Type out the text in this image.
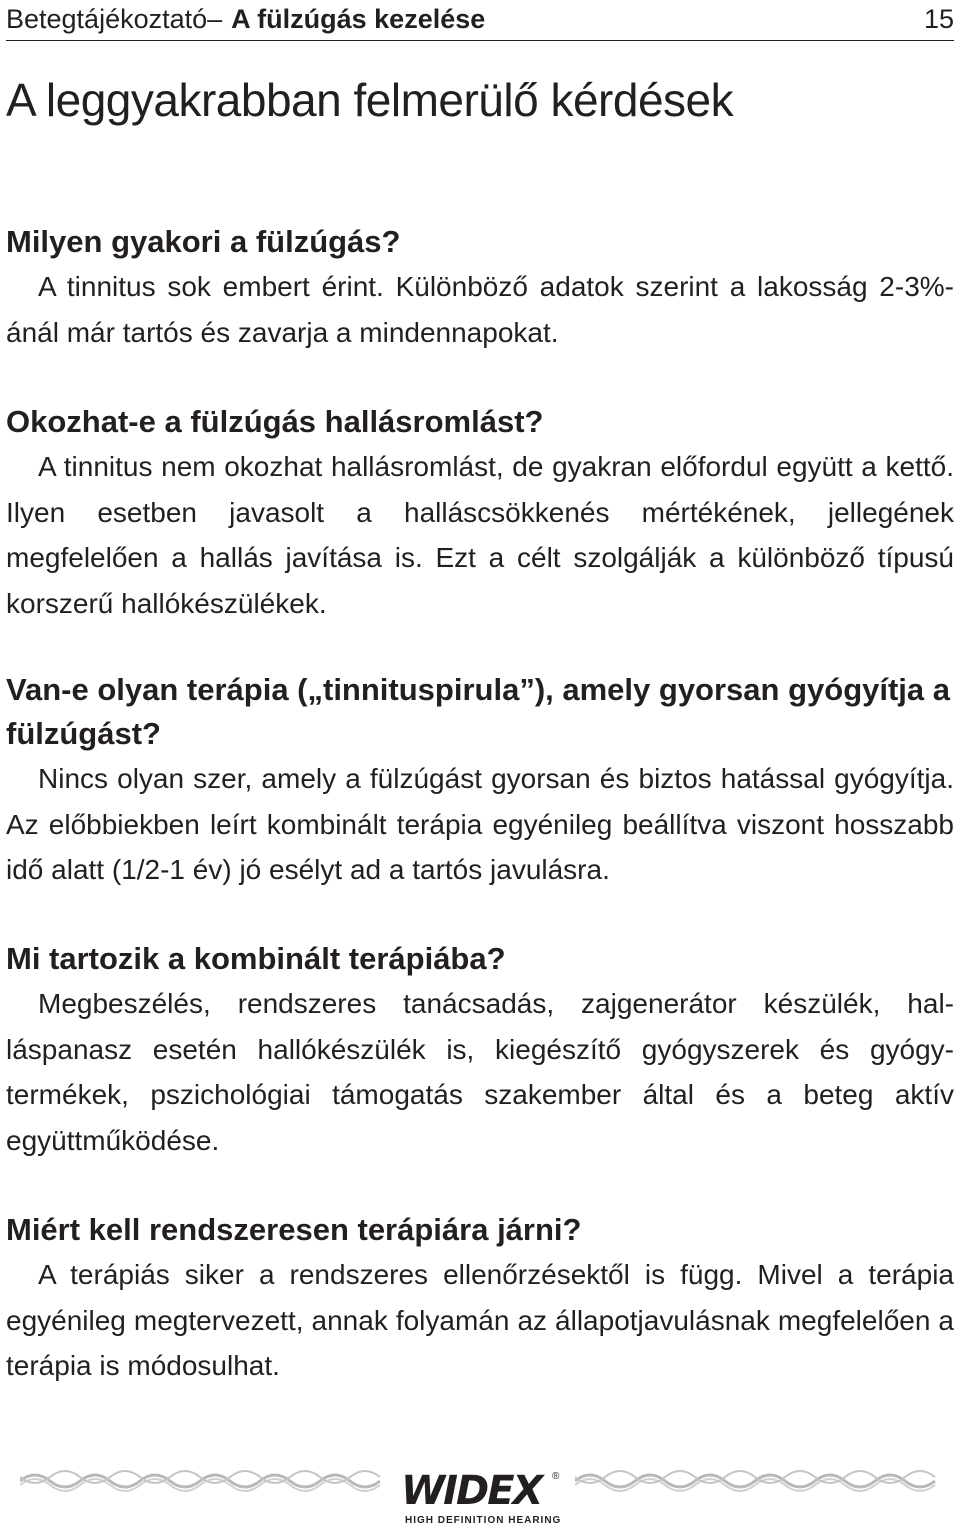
Betegtájékoztató–A fülzúgás kezelése	15
A leggyakrabban felmerülő kérdések

Milyen gyakori a fülzúgás?

A tinnitus sok embert érint. Különböző adatok szerint a lakosság 2-3%-ánál már tartós és zavarja a mindennapokat.

Okozhat-e a fülzúgás hallásromlást?

A tinnitus nem okozhat hallásromlást, de gyakran előfordul együtt a kettő. Ilyen esetben javasolt a halláscsökkenés mértékének, jellegének megfelelően a hallás javítása is. Ezt a célt szolgálják a különböző típusú korszerű hallókészülékek.

Van-e olyan terápia („tinnituspirula”), amely gyorsan gyógyítja a fülzúgást?

Nincs olyan szer, amely a fülzúgást gyorsan és biztos hatással gyógyítja. Az előbbiekben leírt kombinált terápia egyénileg beállítva viszont hosszabb idő alatt (1/2-1 év) jó esélyt ad a tartós javulásra.

Mi tartozik a kombinált terápiába?

Megbeszélés, rendszeres tanácsadás, zajgenerátor készülék, halláspanasz esetén hallókészülék is, kiegészítő gyógyszerek és gyógytermékek, pszichológiai támogatás szakember által és a beteg aktív együttműködése.

Miért kell rendszeresen terápiára járni?

A terápiás siker a rendszeres ellenőrzésektől is függ. Mivel a terápia egyénileg megtervezett, annak folyamán az állapotjavulásnak megfelelően a terápia is módosulhat.

WIDEX	®
HIGH DEFINITION HEARING
